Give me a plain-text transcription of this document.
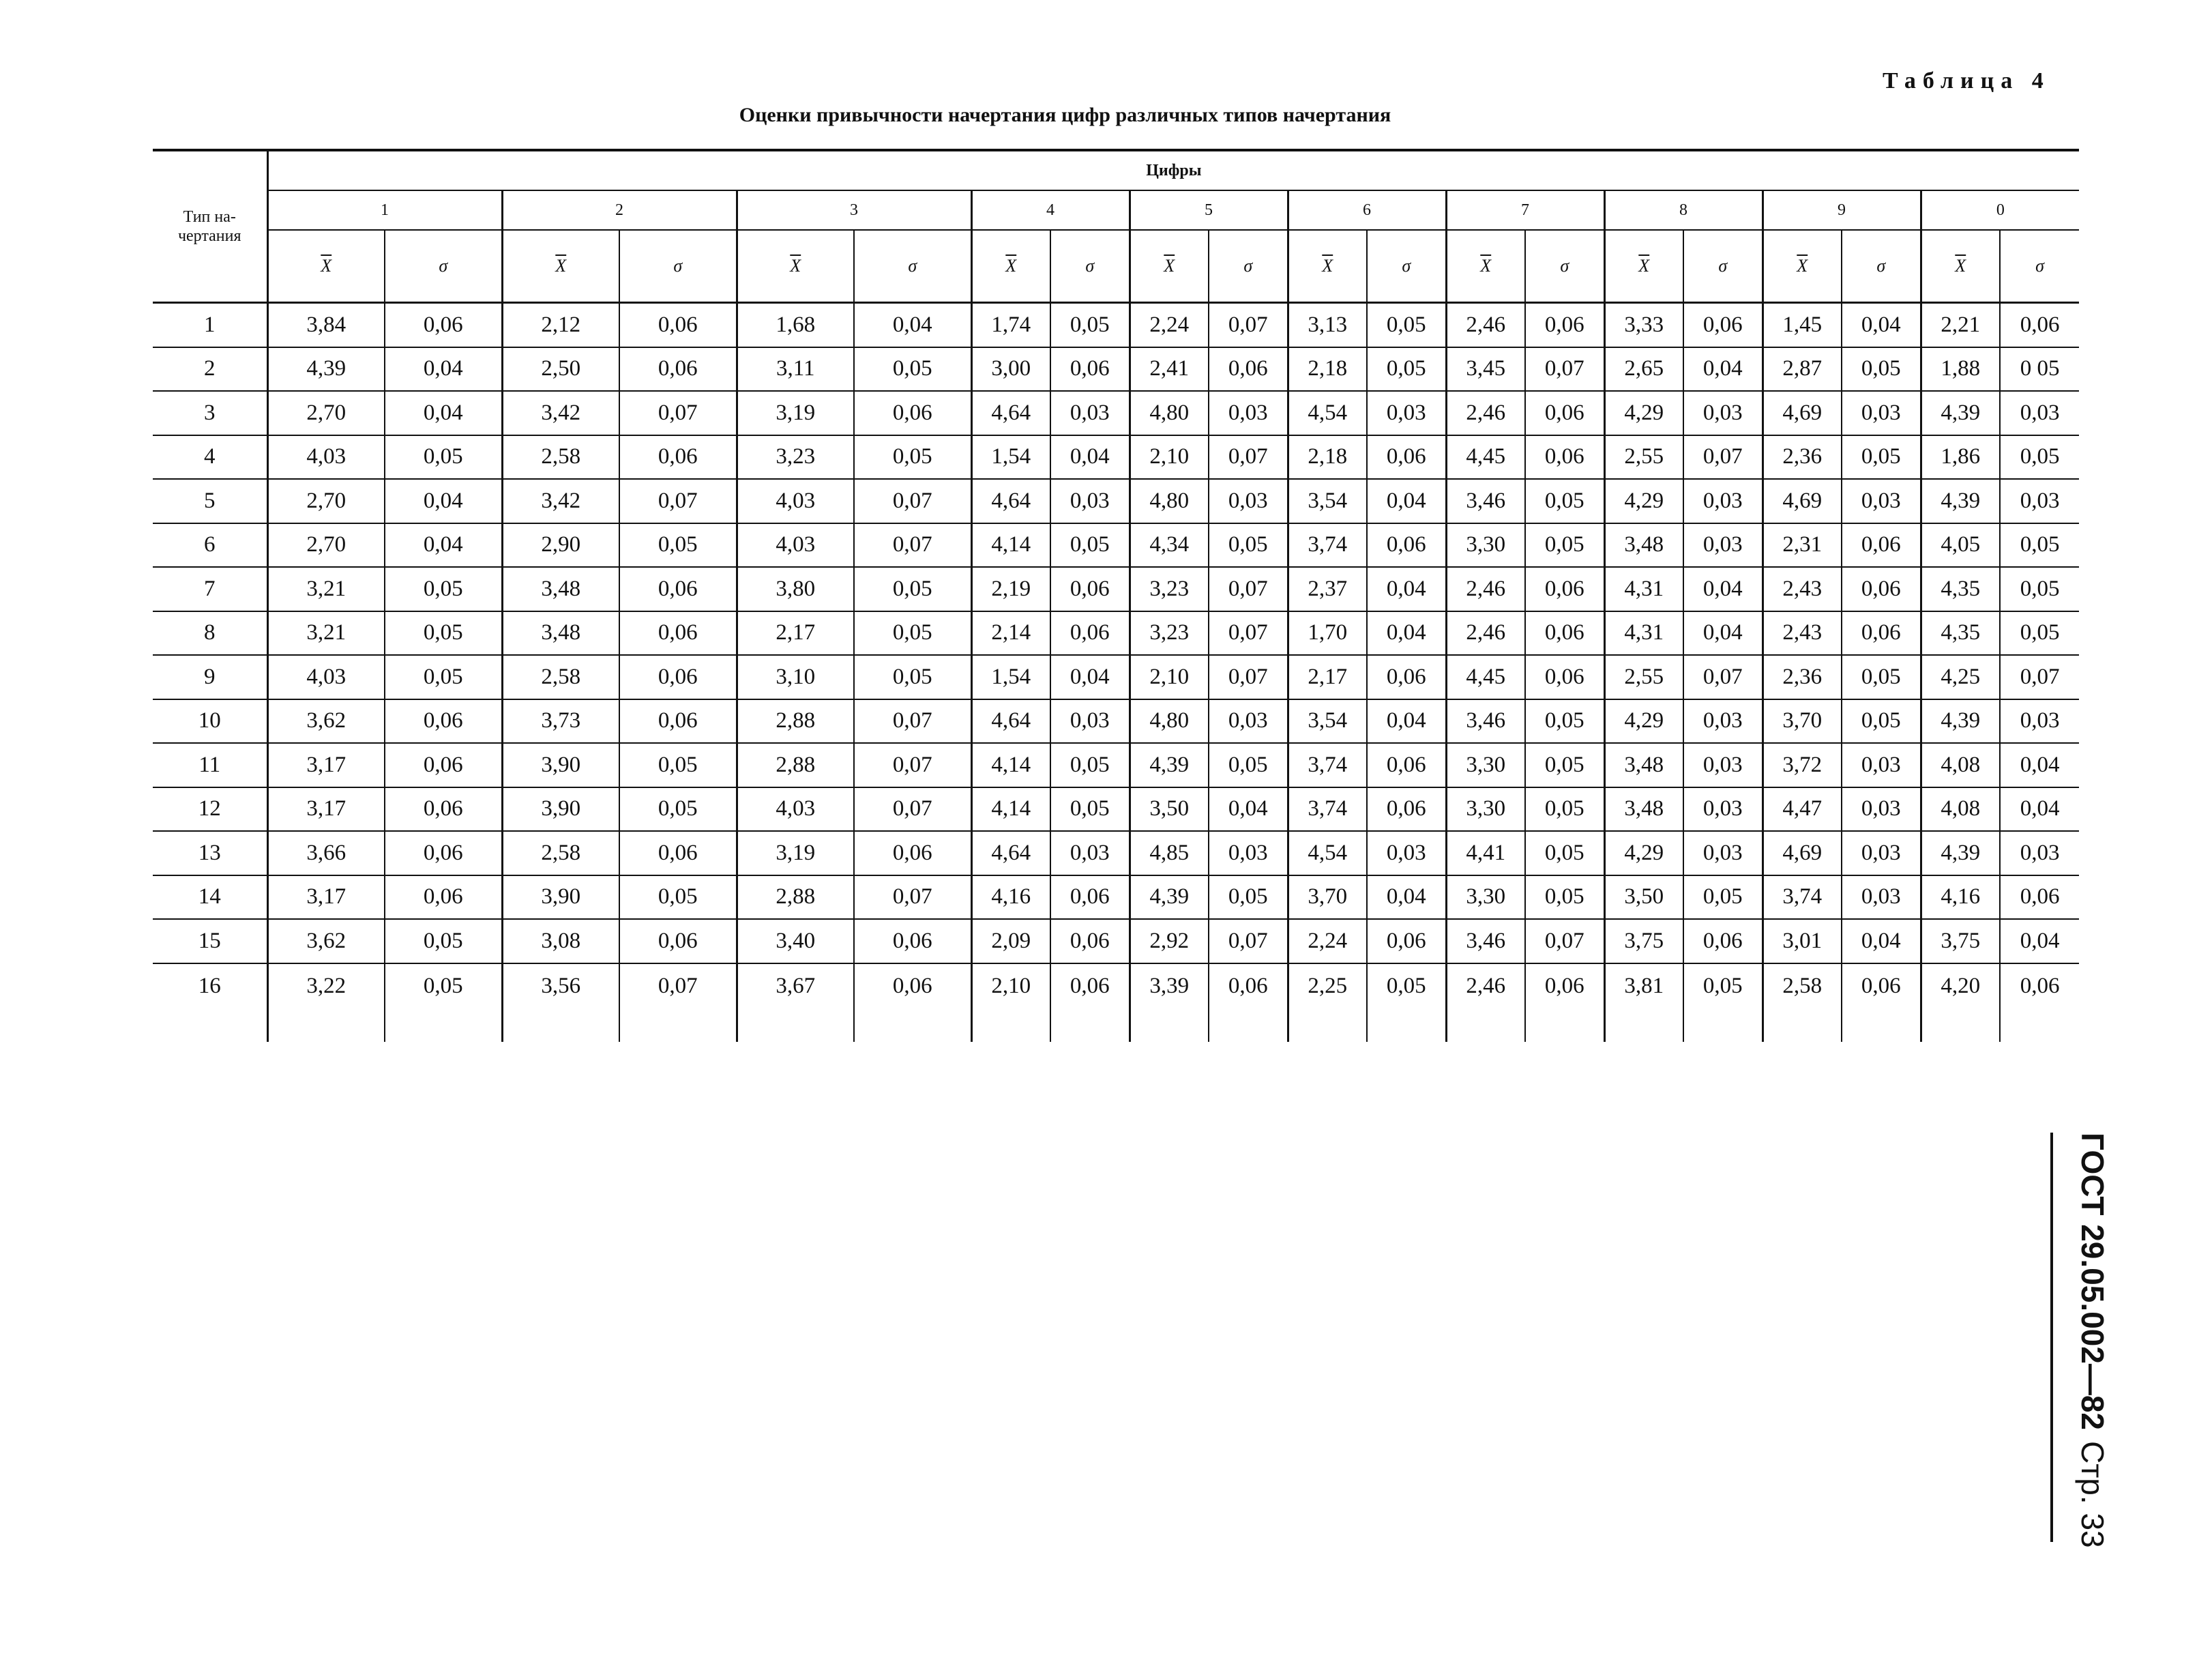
Таблица 4
Оценки привычности начертания цифр различных типов начертания
Тип на-чертания	Цифры																			
	1		2		3		4		5		6		7		8		9		0	
	$\overline{X}$	σ	$\overline{X}$	σ	$\overline{X}$	σ	$\overline{X}$	σ	$\overline{X}$	σ	$\overline{X}$	σ	$\overline{X}$	σ	$\overline{X}$	σ	$\overline{X}$	σ	$\overline{X}$	σ
1	3,84	0,06	2,12	0,06	1,68	0,04	1,74	0,05	2,24	0,07	3,13	0,05	2,46	0,06	3,33	0,06	1,45	0,04	2,21	0,06
2	4,39	0,04	2,50	0,06	3,11	0,05	3,00	0,06	2,41	0,06	2,18	0,05	3,45	0,07	2,65	0,04	2,87	0,05	1,88	0 05
3	2,70	0,04	3,42	0,07	3,19	0,06	4,64	0,03	4,80	0,03	4,54	0,03	2,46	0,06	4,29	0,03	4,69	0,03	4,39	0,03
4	4,03	0,05	2,58	0,06	3,23	0,05	1,54	0,04	2,10	0,07	2,18	0,06	4,45	0,06	2,55	0,07	2,36	0,05	1,86	0,05
5	2,70	0,04	3,42	0,07	4,03	0,07	4,64	0,03	4,80	0,03	3,54	0,04	3,46	0,05	4,29	0,03	4,69	0,03	4,39	0,03
6	2,70	0,04	2,90	0,05	4,03	0,07	4,14	0,05	4,34	0,05	3,74	0,06	3,30	0,05	3,48	0,03	2,31	0,06	4,05	0,05
7	3,21	0,05	3,48	0,06	3,80	0,05	2,19	0,06	3,23	0,07	2,37	0,04	2,46	0,06	4,31	0,04	2,43	0,06	4,35	0,05
8	3,21	0,05	3,48	0,06	2,17	0,05	2,14	0,06	3,23	0,07	1,70	0,04	2,46	0,06	4,31	0,04	2,43	0,06	4,35	0,05
9	4,03	0,05	2,58	0,06	3,10	0,05	1,54	0,04	2,10	0,07	2,17	0,06	4,45	0,06	2,55	0,07	2,36	0,05	4,25	0,07
10	3,62	0,06	3,73	0,06	2,88	0,07	4,64	0,03	4,80	0,03	3,54	0,04	3,46	0,05	4,29	0,03	3,70	0,05	4,39	0,03
11	3,17	0,06	3,90	0,05	2,88	0,07	4,14	0,05	4,39	0,05	3,74	0,06	3,30	0,05	3,48	0,03	3,72	0,03	4,08	0,04
12	3,17	0,06	3,90	0,05	4,03	0,07	4,14	0,05	3,50	0,04	3,74	0,06	3,30	0,05	3,48	0,03	4,47	0,03	4,08	0,04
13	3,66	0,06	2,58	0,06	3,19	0,06	4,64	0,03	4,85	0,03	4,54	0,03	4,41	0,05	4,29	0,03	4,69	0,03	4,39	0,03
14	3,17	0,06	3,90	0,05	2,88	0,07	4,16	0,06	4,39	0,05	3,70	0,04	3,30	0,05	3,50	0,05	3,74	0,03	4,16	0,06
15	3,62	0,05	3,08	0,06	3,40	0,06	2,09	0,06	2,92	0,07	2,24	0,06	3,46	0,07	3,75	0,06	3,01	0,04	3,75	0,04
16	3,22	0,05	3,56	0,07	3,67	0,06	2,10	0,06	3,39	0,06	2,25	0,05	2,46	0,06	3,81	0,05	2,58	0,06	4,20	0,06
ГОСТ 29.05.002—82Стр. 33
